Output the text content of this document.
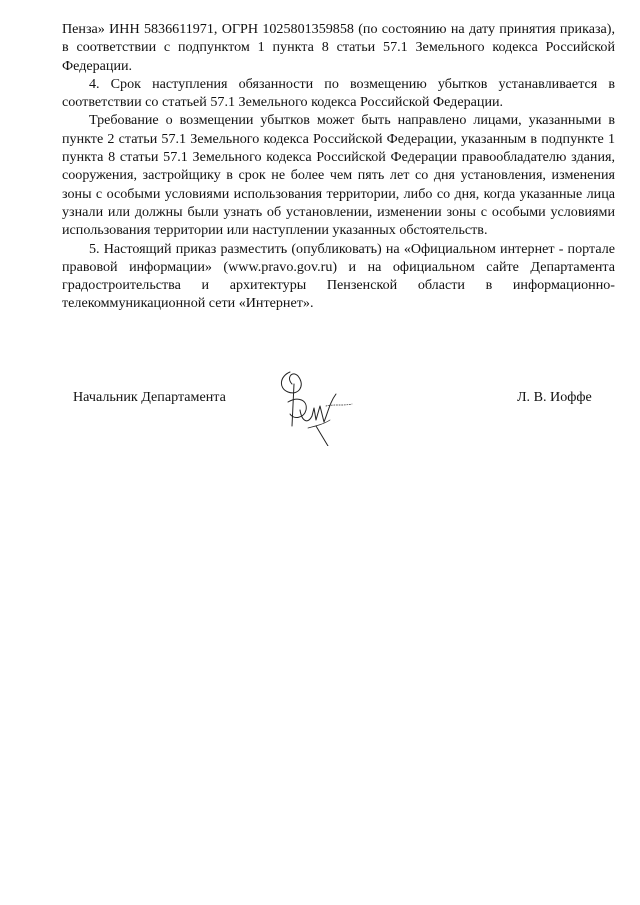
Пенза» ИНН 5836611971, ОГРН 1025801359858 (по состоянию на дату принятия приказа), в соответствии с подпунктом 1 пункта 8 статьи 57.1 Земельного кодекса Российской Федерации.

4. Срок наступления обязанности по возмещению убытков устанавливается в соответствии со статьей 57.1 Земельного кодекса Российской Федерации.

Требование о возмещении убытков может быть направлено лицами, указанными в пункте 2 статьи 57.1 Земельного кодекса Российской Федерации, указанным в подпункте 1 пункта 8 статьи 57.1 Земельного кодекса Российской Федерации правообладателю здания, сооружения, застройщику в срок не более чем пять лет со дня установления, изменения зоны с особыми условиями использования территории, либо со дня, когда указанные лица узнали или должны были узнать об установлении, изменении зоны с особыми условиями использования территории или наступлении указанных обстоятельств.

5. Настоящий приказ разместить (опубликовать) на «Официальном интернет - портале правовой информации» (www.pravo.gov.ru) и на официальном сайте Департамента градостроительства и архитектуры Пензенской области в информационно-телекоммуникационной сети «Интернет».

Начальник Департамента	Л. В. Иоффе
